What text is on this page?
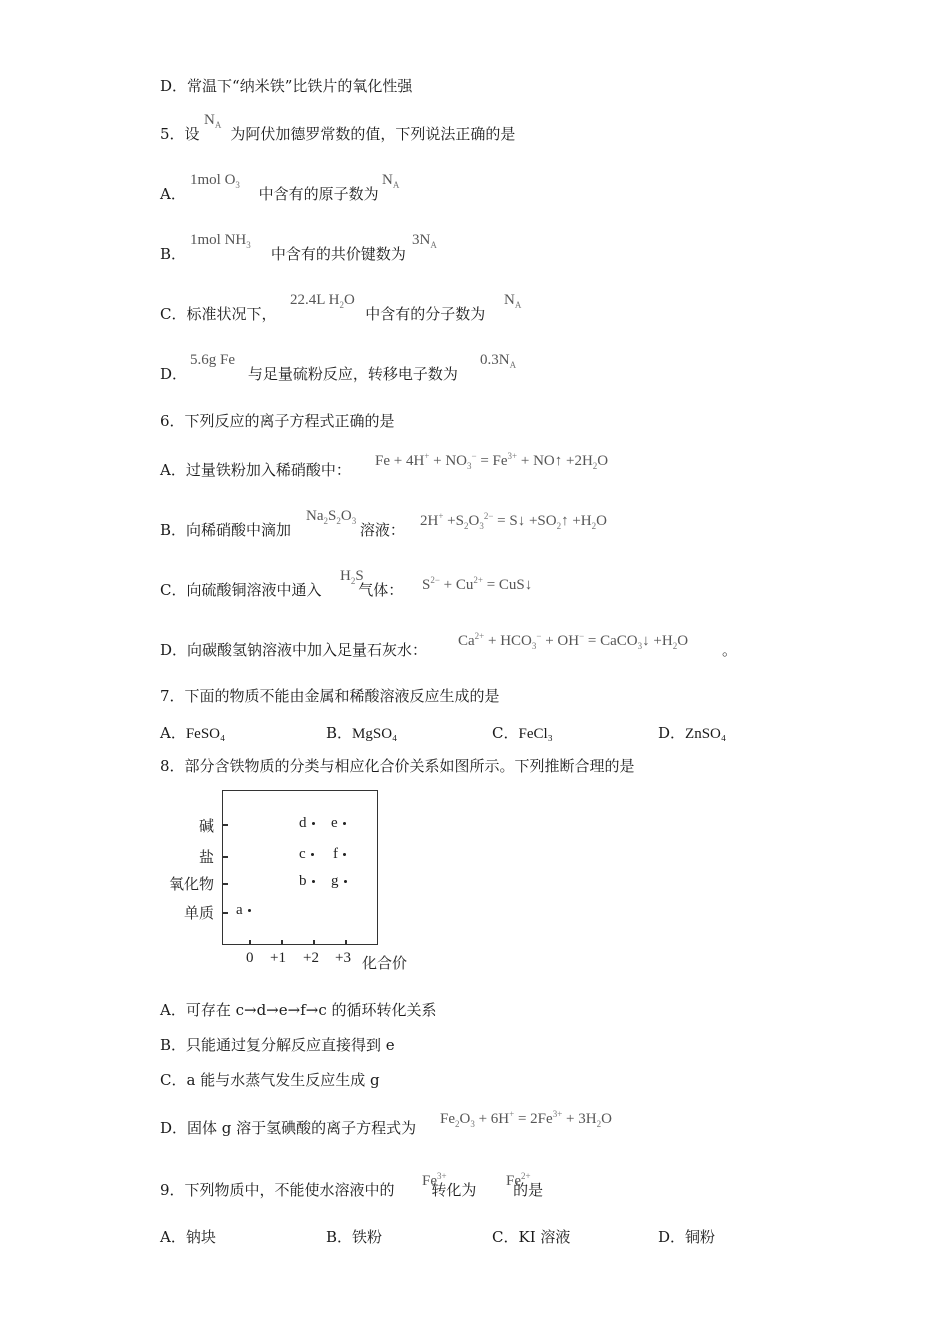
D．常温下“纳米铁”比铁片的氧化性强
5．设
$N_A$ 为阿伏加德罗常数的值，下列说法正确的是
A．
1mol $O_3$ 中含有的原子数为
$N_A$
B．
1mol $NH_3$ 中含有的共价键数为
$3N_A$
C．标准状况下，
22.4L $H_2O$
中含有的分子数为
$N_A$
D．
5.6g Fe
与足量硫粉反应，转移电子数为
$0.3N_A$
6．下列反应的离子方程式正确的是
A．过量铁粉加入稀硝酸中： $Fe + 4H^+ + NO_3^- = Fe^{3+}$ + NO↑ $+2H_2O$
B．向稀硝酸中滴加
$Na_2S_2O_3$ 溶液： $2H^+ +S_2O_3^{2-}$ = S↓ $+SO_2↑ +H_2O$
C．向硫酸铜溶液中通入
$H_2S$
气体： $S^{2-} + Cu^{2+}$ = CuS↓
D．向碳酸氢钠溶液中加入足量石灰水： $Ca^{2+} + HCO_3^- + OH^-$ = CaCO$_3$↓ $+H_2O$ 。
7．下面的物质不能由金属和稀酸溶液反应生成的是
A．FeSO₄	B．MgSO₄	C．FeCl₃	D．ZnSO₄
8．部分含铁物质的分类与相应化合价关系如图所示。下列推断合理的是
碱
盐
氧化物
单质
0 +1 +2 +3 化合价
a
b	g
c	f
d	e
A．可存在 c→d→e→f→c 的循环转化关系
B．只能通过复分解反应直接得到 e
C．a 能与水蒸气发生反应生成 g
D．固体 g 溶于氢碘酸的离子方程式为 $Fe_2O_3 + 6H^+ = 2Fe^{3+} + 3H_2O$
9．下列物质中，不能使水溶液中的 $Fe^{3+}$
转化为 $Fe^{2+}$
的是
A．钠块	B．铁粉	C．KI 溶液	D．铜粉
